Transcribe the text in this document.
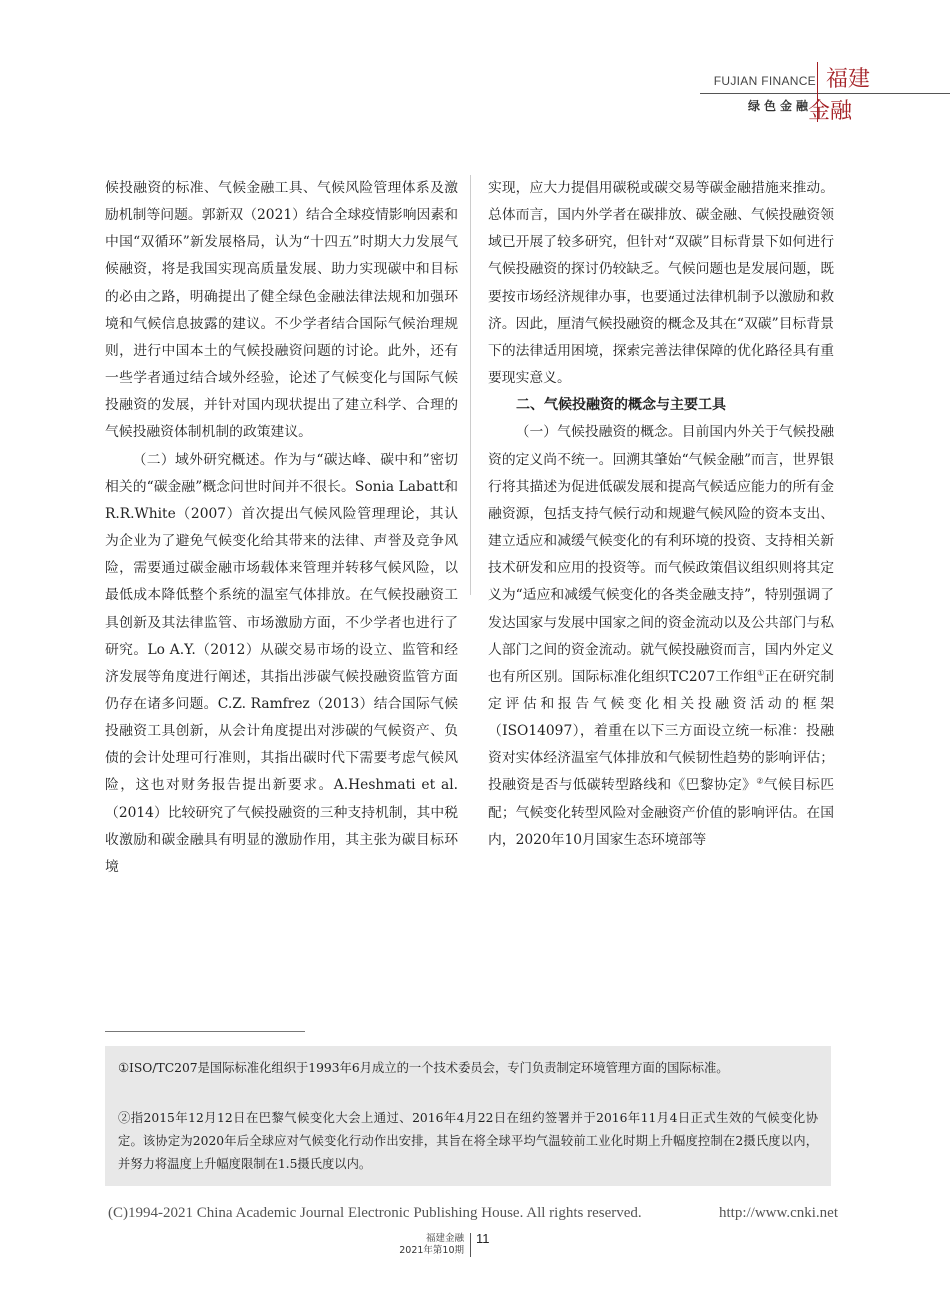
FUJIAN FINANCE
绿色金融
福建
金融

候投融资的标准、气候金融工具、气候风险管理体系及激励机制等问题。郭新双（2021）结合全球疫情影响因素和中国“双循环”新发展格局，认为“十四五”时期大力发展气候融资，将是我国实现高质量发展、助力实现碳中和目标的必由之路，明确提出了健全绿色金融法律法规和加强环境和气候信息披露的建议。不少学者结合国际气候治理规则，进行中国本土的气候投融资问题的讨论。此外，还有一些学者通过结合域外经验，论述了气候变化与国际气候投融资的发展，并针对国内现状提出了建立科学、合理的气候投融资体制机制的政策建议。

（二）域外研究概述。作为与“碳达峰、碳中和”密切相关的“碳金融”概念问世时间并不很长。Sonia Labatt和R.R.White（2007）首次提出气候风险管理理论，其认为企业为了避免气候变化给其带来的法律、声誉及竞争风险，需要通过碳金融市场载体来管理并转移气候风险，以最低成本降低整个系统的温室气体排放。在气候投融资工具创新及其法律监管、市场激励方面，不少学者也进行了研究。Lo A.Y.（2012）从碳交易市场的设立、监管和经济发展等角度进行阐述，其指出涉碳气候投融资监管方面仍存在诸多问题。C.Z. Ramfrez（2013）结合国际气候投融资工具创新，从会计角度提出对涉碳的气候资产、负债的会计处理可行准则，其指出碳时代下需要考虑气候风险，这也对财务报告提出新要求。A.Heshmati et al.（2014）比较研究了气候投融资的三种支持机制，其中税收激励和碳金融具有明显的激励作用，其主张为碳目标环境

实现，应大力提倡用碳税或碳交易等碳金融措施来推动。总体而言，国内外学者在碳排放、碳金融、气候投融资领域已开展了较多研究，但针对“双碳”目标背景下如何进行气候投融资的探讨仍较缺乏。气候问题也是发展问题，既要按市场经济规律办事，也要通过法律机制予以激励和救济。因此，厘清气候投融资的概念及其在“双碳”目标背景下的法律适用困境，探索完善法律保障的优化路径具有重要现实意义。

二、气候投融资的概念与主要工具

（一）气候投融资的概念。目前国内外关于气候投融资的定义尚不统一。回溯其肇始“气候金融”而言，世界银行将其描述为促进低碳发展和提高气候适应能力的所有金融资源，包括支持气候行动和规避气候风险的资本支出、建立适应和减缓气候变化的有利环境的投资、支持相关新技术研发和应用的投资等。而气候政策倡议组织则将其定义为“适应和减缓气候变化的各类金融支持”，特别强调了发达国家与发展中国家之间的资金流动以及公共部门与私人部门之间的资金流动。就气候投融资而言，国内外定义也有所区别。国际标准化组织TC207工作组①正在研究制定评估和报告气候变化相关投融资活动的框架（ISO14097），着重在以下三方面设立统一标准：投融资对实体经济温室气体排放和气候韧性趋势的影响评估；投融资是否与低碳转型路线和《巴黎协定》②气候目标匹配；气候变化转型风险对金融资产价值的影响评估。在国内，2020年10月国家生态环境部等

①ISO/TC207是国际标准化组织于1993年6月成立的一个技术委员会，专门负责制定环境管理方面的国际标准。
②指2015年12月12日在巴黎气候变化大会上通过、2016年4月22日在纽约签署并于2016年11月4日正式生效的气候变化协定。该协定为2020年后全球应对气候变化行动作出安排，其旨在将全球平均气温较前工业化时期上升幅度控制在2摄氏度以内，并努力将温度上升幅度限制在1.5摄氏度以内。
(C)1994-2021 China Academic Journal Electronic Publishing House. All rights reserved.	http://www.cnki.net
福建金融
2021年第10期
11
